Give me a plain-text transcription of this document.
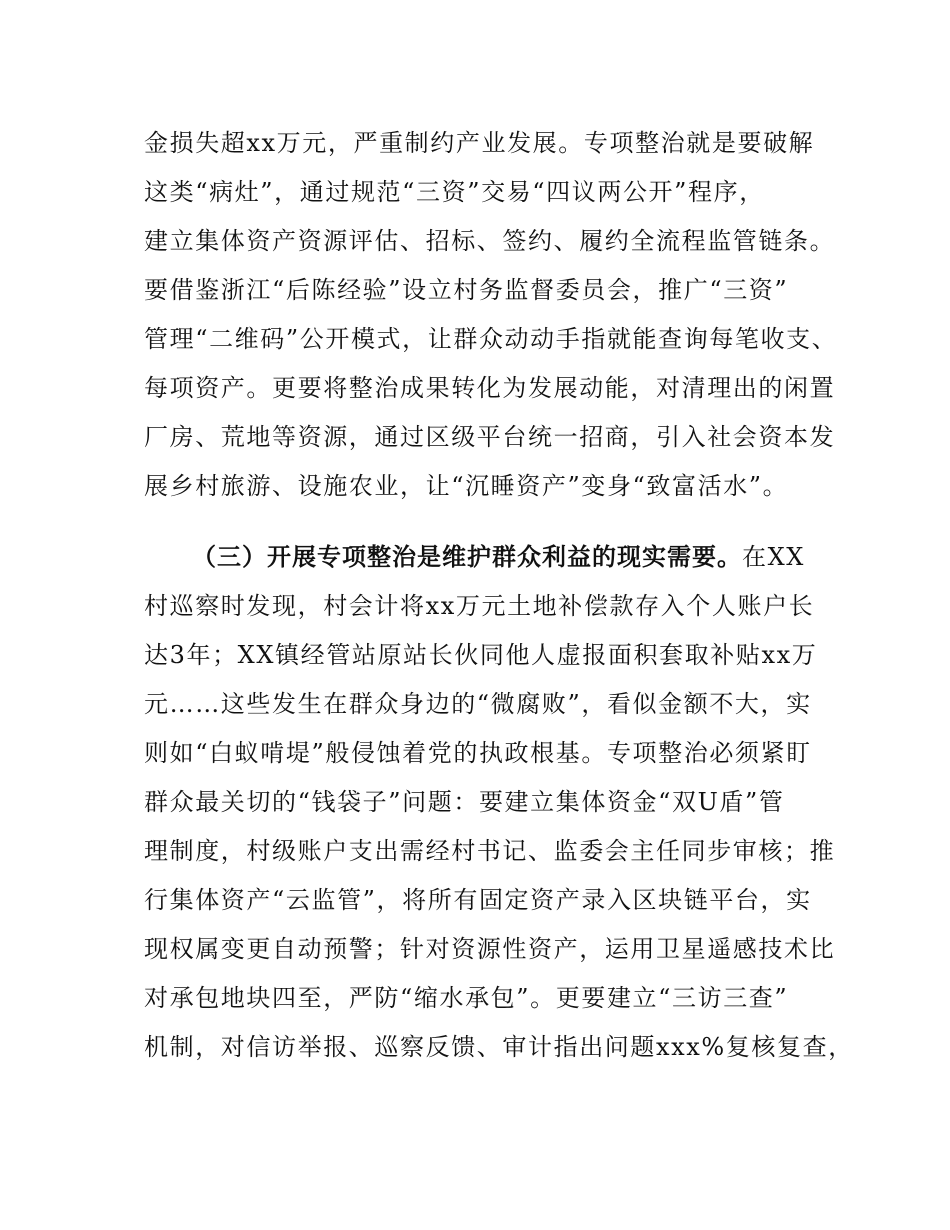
金损失超xx万元，严重制约产业发展。专项整治就是要破解
这类“病灶”，通过规范“三资”交易“四议两公开”程序，
建立集体资产资源评估、招标、签约、履约全流程监管链条。
要借鉴浙江“后陈经验”设立村务监督委员会，推广“三资”
管理“二维码”公开模式，让群众动动手指就能查询每笔收支、
每项资产。更要将整治成果转化为发展动能，对清理出的闲置
厂房、荒地等资源，通过区级平台统一招商，引入社会资本发
展乡村旅游、设施农业，让“沉睡资产”变身“致富活水”。
（三）开展专项整治是维护群众利益的现实需要。在XX
村巡察时发现，村会计将xx万元土地补偿款存入个人账户长
达3年；XX镇经管站原站长伙同他人虚报面积套取补贴xx万
元……这些发生在群众身边的“微腐败”，看似金额不大，实
则如“白蚁啃堤”般侵蚀着党的执政根基。专项整治必须紧盯
群众最关切的“钱袋子”问题：要建立集体资金“双U盾”管
理制度，村级账户支出需经村书记、监委会主任同步审核；推
行集体资产“云监管”，将所有固定资产录入区块链平台，实
现权属变更自动预警；针对资源性资产，运用卫星遥感技术比
对承包地块四至，严防“缩水承包”。更要建立“三访三查”
机制，对信访举报、巡察反馈、审计指出问题xxx%复核复查，
